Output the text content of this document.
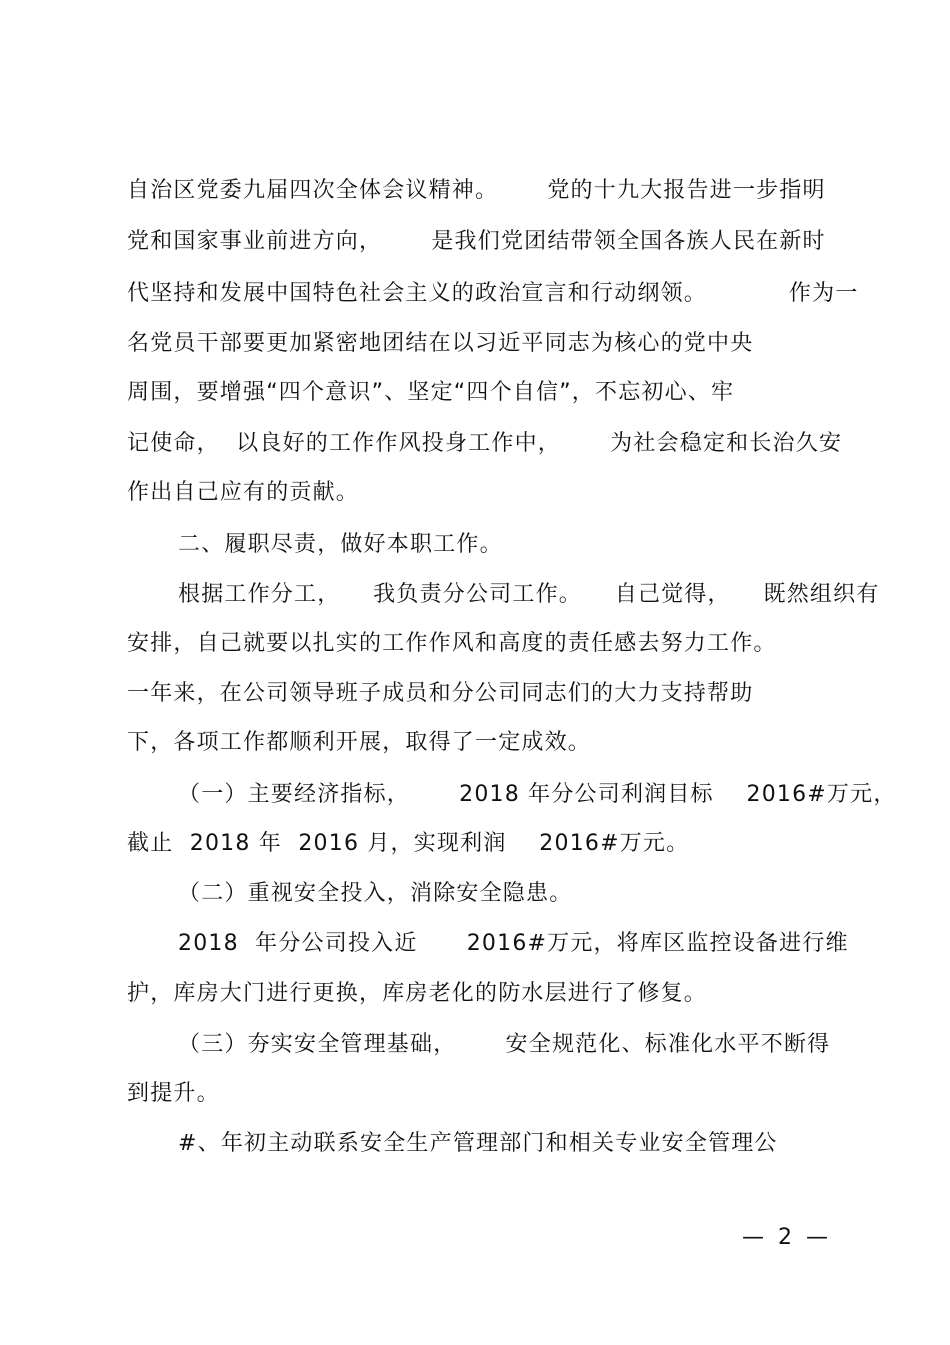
自治区党委九届四次全体会议精神。      党的十九大报告进一步指明
党和国家事业前进方向，      是我们党团结带领全国各族人民在新时
代坚持和发展中国特色社会主义的政治宣言和行动纲领。          作为一
名党员干部要更加紧密地团结在以习近平同志为核心的党中央
周围，要增强“四个意识”、坚定“四个自信”，不忘初心、牢
记使命，  以良好的工作作风投身工作中，      为社会稳定和长治久安
作出自己应有的贡献。
二、履职尽责，做好本职工作。
根据工作分工，    我负责分公司工作。    自己觉得，    既然组织有
安排，自己就要以扎实的工作作风和高度的责任感去努力工作。
一年来，在公司领导班子成员和分公司同志们的大力支持帮助
下，各项工作都顺利开展，取得了一定成效。
（一）主要经济指标，      2018 年分公司利润目标    2016#万元，
截止  2018 年  2016 月，实现利润    2016#万元。
（二）重视安全投入，消除安全隐患。
2018  年分公司投入近      2016#万元，将库区监控设备进行维
护，库房大门进行更换，库房老化的防水层进行了修复。
（三）夯实安全管理基础，      安全规范化、标准化水平不断得
到提升。
#、年初主动联系安全生产管理部门和相关专业安全管理公
—  2  —
